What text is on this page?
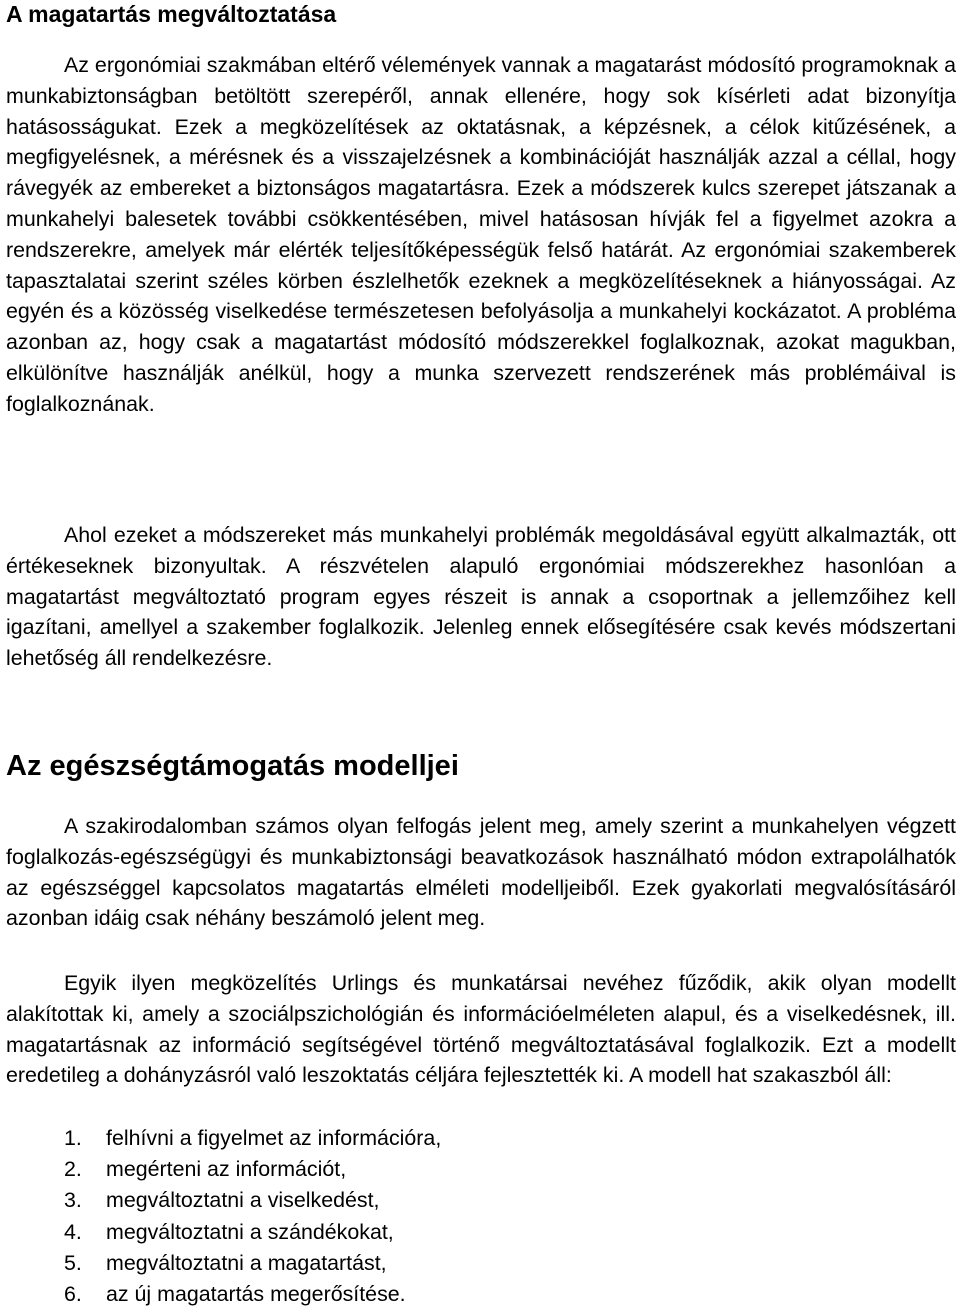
A magatartás megváltoztatása

Az ergonómiai szakmában eltérő vélemények vannak a magatarást módosító programoknak a munkabiztonságban betöltött szerepéről, annak ellenére, hogy sok kísérleti adat bizonyítja hatásosságukat. Ezek a megközelítések az oktatásnak, a képzésnek, a célok kitűzésének, a megfigyelésnek, a mérésnek és a visszajelzésnek a kombinációját használják azzal a céllal, hogy rávegyék az embereket a biztonságos magatartásra. Ezek a módszerek kulcs szerepet játszanak a munkahelyi balesetek további csökkentésében, mivel hatásosan hívják fel a figyelmet azokra a rendszerekre, amelyek már elérték teljesítőképességük felső határát. Az ergonómiai szakemberek tapasztalatai szerint széles körben észlelhetők ezeknek a megközelítéseknek a hiányosságai. Az egyén és a közösség viselkedése természetesen befolyásolja a munkahelyi kockázatot. A probléma azonban az, hogy csak a magatartást módosító módszerekkel foglalkoznak, azokat magukban, elkülönítve használják anélkül, hogy a munka szervezett rendszerének más problémáival is foglalkoznának.

Ahol ezeket a módszereket más munkahelyi problémák megoldásával együtt alkalmazták, ott értékeseknek bizonyultak. A részvételen alapuló ergonómiai módszerekhez hasonlóan a magatartást megváltoztató program egyes részeit is annak a csoportnak a jellemzőihez kell igazítani, amellyel a szakember foglalkozik. Jelenleg ennek elősegítésére csak kevés módszertani lehetőség áll rendelkezésre.

Az egészségtámogatás modelljei

A szakirodalomban számos olyan felfogás jelent meg, amely szerint a munkahelyen végzett foglalkozás-egészségügyi és munkabiztonsági beavatkozások használható módon extrapolálhatók az egészséggel kapcsolatos magatartás elméleti modelljeiből. Ezek gyakorlati megvalósításáról azonban idáig csak néhány beszámoló jelent meg.

Egyik ilyen megközelítés Urlings és munkatársai nevéhez fűződik, akik olyan modellt alakítottak ki, amely a szociálpszichológián és információelméleten alapul, és a viselkedésnek, ill. magatartásnak az információ segítségével történő megváltoztatásával foglalkozik. Ezt a modellt eredetileg a dohányzásról való leszoktatás céljára fejlesztették ki. A modell hat szakaszból áll:

1. felhívni a figyelmet az információra,
2. megérteni az információt,
3. megváltoztatni a viselkedést,
4. megváltoztatni a szándékokat,
5. megváltoztatni a magatartást,
6. az új magatartás megerősítése.
